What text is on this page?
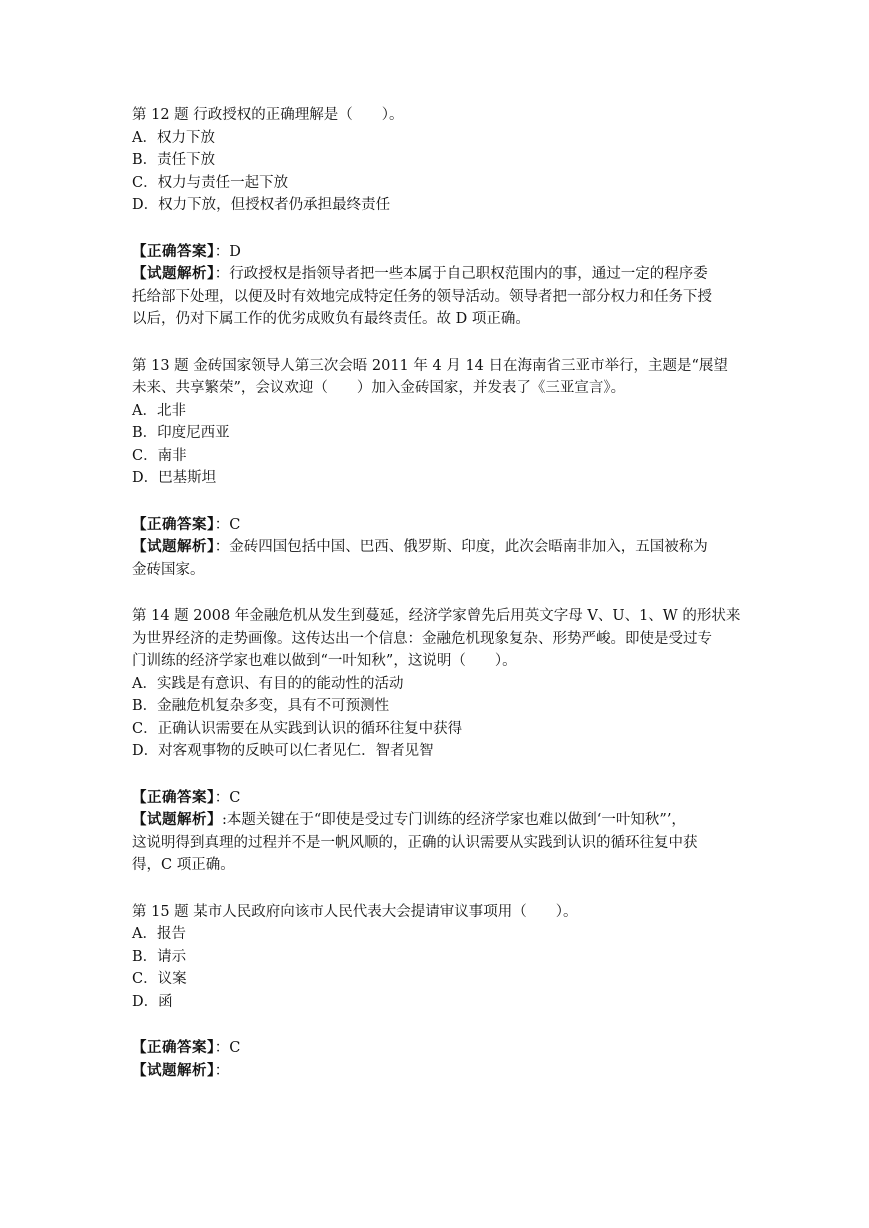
第 12 题 行政授权的正确理解是（　　）。
A．权力下放
B．责任下放
C．权力与责任一起下放
D．权力下放，但授权者仍承担最终责任
【正确答案】：D
【试题解析】：行政授权是指领导者把一些本属于自己职权范围内的事，通过一定的程序委
托给部下处理，以便及时有效地完成特定任务的领导活动。领导者把一部分权力和任务下授
以后，仍对下属工作的优劣成败负有最终责任。故 D 项正确。
第 13 题 金砖国家领导人第三次会晤 2011 年 4 月 14 日在海南省三亚市举行，主题是“展望
未来、共享繁荣”，会议欢迎（　　）加入金砖国家，并发表了《三亚宣言》。
A．北非
B．印度尼西亚
C．南非
D．巴基斯坦
【正确答案】：C
【试题解析】：金砖四国包括中国、巴西、俄罗斯、印度，此次会晤南非加入，五国被称为
金砖国家。
第 14 题 2008 年金融危机从发生到蔓延，经济学家曾先后用英文字母 V、U、1、W 的形状来
为世界经济的走势画像。这传达出一个信息：金融危机现象复杂、形势严峻。即使是受过专
门训练的经济学家也难以做到“一叶知秋”，这说明（　　）。
A．实践是有意识、有目的的能动性的活动
B．金融危机复杂多变，具有不可预测性
C．正确认识需要在从实践到认识的循环往复中获得
D．对客观事物的反映可以仁者见仁．智者见智
【正确答案】：C
【试题解析】:本题关键在于“即使是受过专门训练的经济学家也难以做到‘一叶知秋”’，
这说明得到真理的过程并不是一帆风顺的，正确的认识需要从实践到认识的循环往复中获
得，C 项正确。
第 15 题 某市人民政府向该市人民代表大会提请审议事项用（　　）。
A．报告
B．请示
C．议案
D．函
【正确答案】：C
【试题解析】：
